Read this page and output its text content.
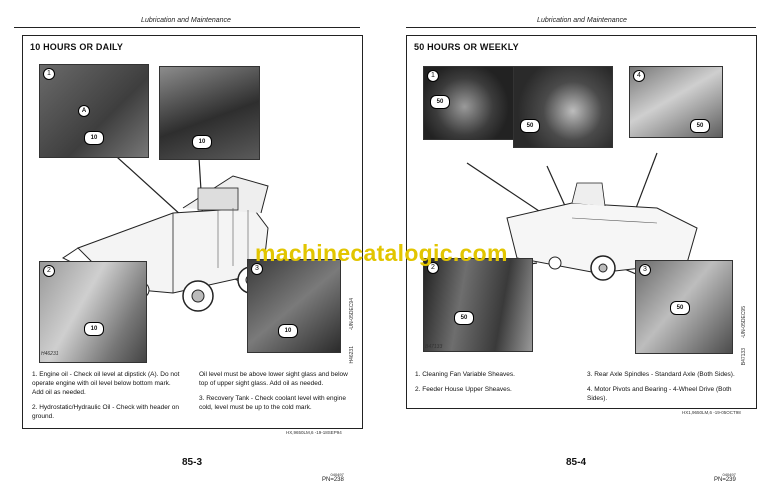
Lubrication and Maintenance
10 HOURS OR DAILY
1
10
A
10
2
10
H46231
3
10
-UN-05DEC94
H46231

1. Engine oil - Check oil level at dipstick (A). Do not operate engine with oil level below bottom mark. Add oil as needed.

2. Hydrostatic/Hydraulic Oil - Check with header on ground.

Oil level must be above lower sight glass and below top of upper sight glass. Add oil as needed.

3. Recovery Tank - Check coolant level with engine cold, level must be up to the cold mark.

HX,9650LM,6 -19-18SEP94
85-3
040497
PN=238
Lubrication and Maintenance
50 HOURS OR WEEKLY
1
50
50
4
50
2
50
B47133
3
50	-UN-05DEC95
B47133

1. Cleaning Fan Variable Sheaves.

2. Feeder House Upper Sheaves.

3. Rear Axle Spindles - Standard Axle (Both Sides).

4. Motor Pivots and Bearing - 4-Wheel Drive (Both Sides).

HX1,9650LM,6 -19-05OCT98
85-4
040497
PN=239
machinecatalogic.com
